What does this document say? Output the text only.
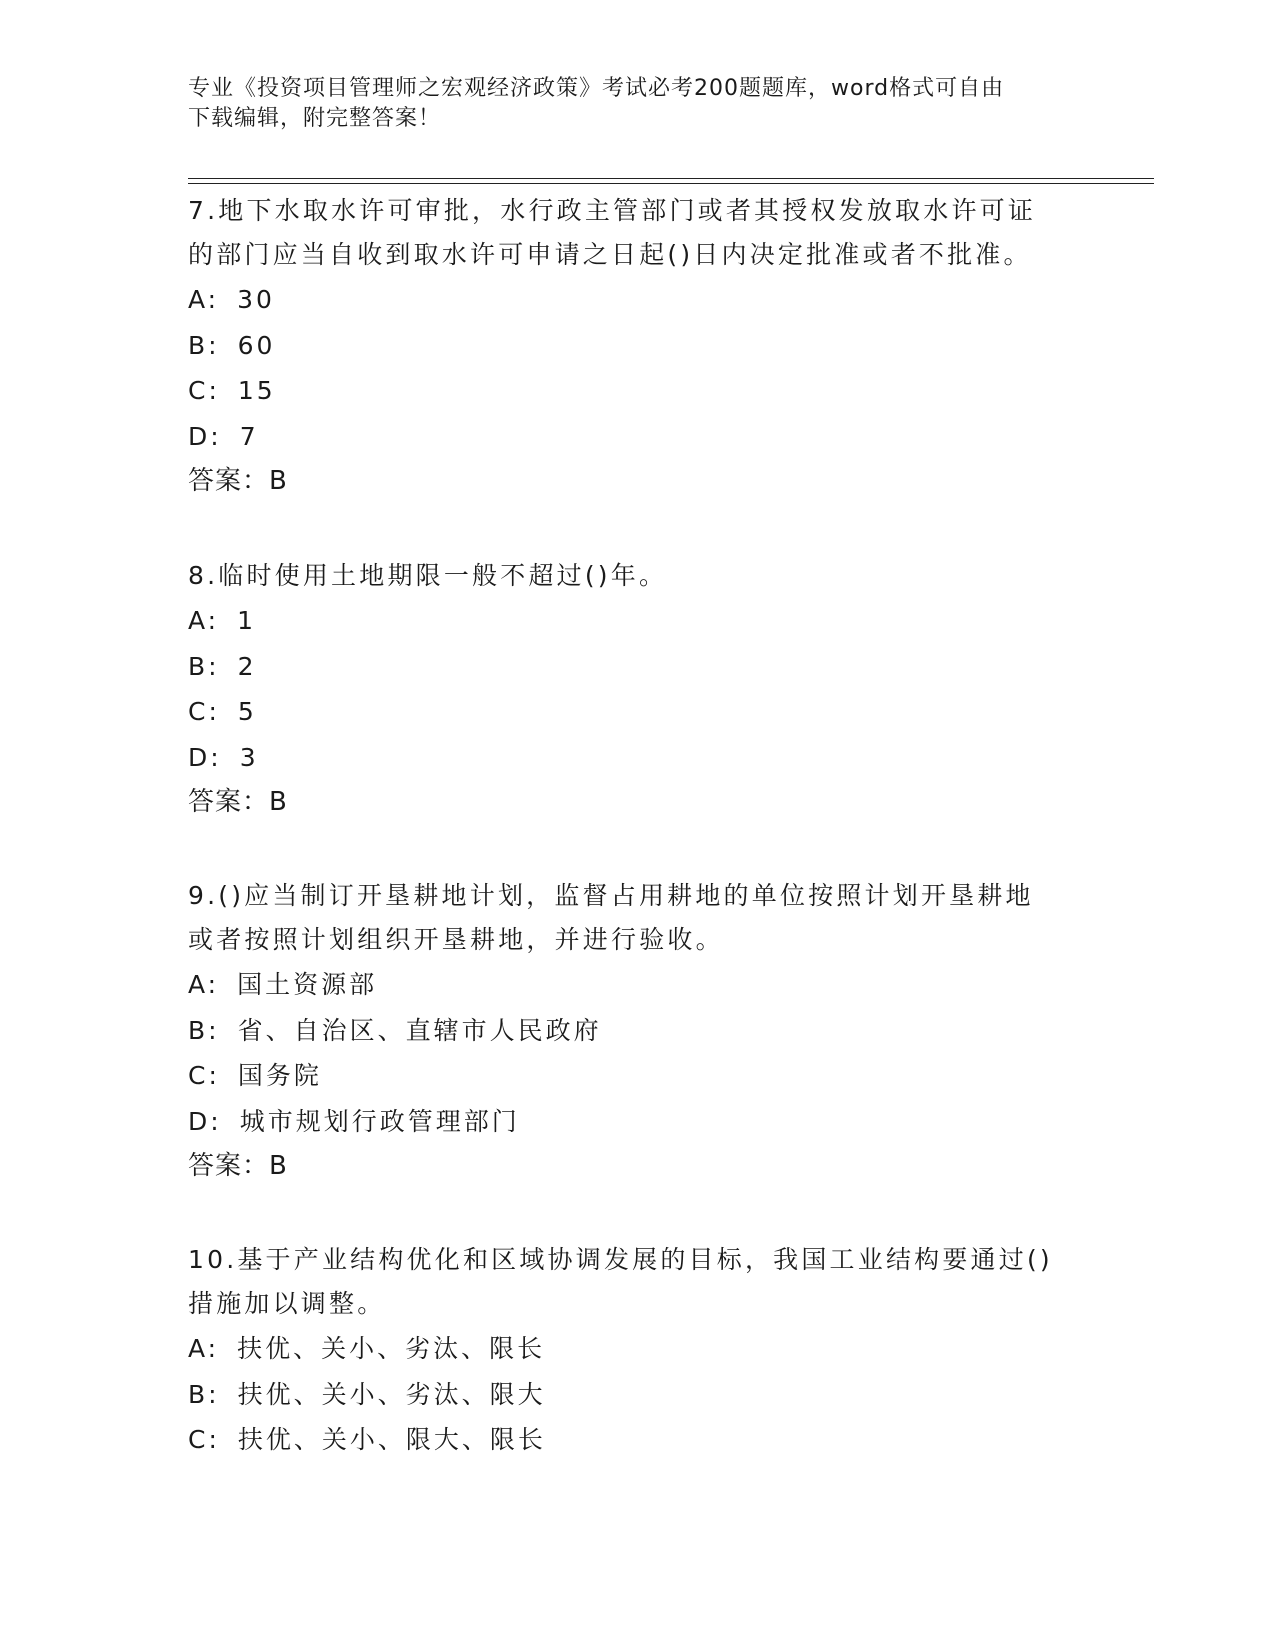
专业《投资项目管理师之宏观经济政策》考试必考200题题库，word格式可自由
下载编辑，附完整答案！

7.地下水取水许可审批，水行政主管部门或者其授权发放取水许可证

的部门应当自收到取水许可申请之日起()日内决定批准或者不批准。

A: 30

B: 60

C: 15

D: 7

答案：B

8.临时使用土地期限一般不超过()年。

A: 1

B: 2

C: 5

D: 3

答案：B

9.()应当制订开垦耕地计划，监督占用耕地的单位按照计划开垦耕地

或者按照计划组织开垦耕地，并进行验收。

A: 国土资源部

B: 省、自治区、直辖市人民政府

C: 国务院

D: 城市规划行政管理部门

答案：B

10.基于产业结构优化和区域协调发展的目标，我国工业结构要通过()

措施加以调整。

A: 扶优、关小、劣汰、限长

B: 扶优、关小、劣汰、限大

C: 扶优、关小、限大、限长
